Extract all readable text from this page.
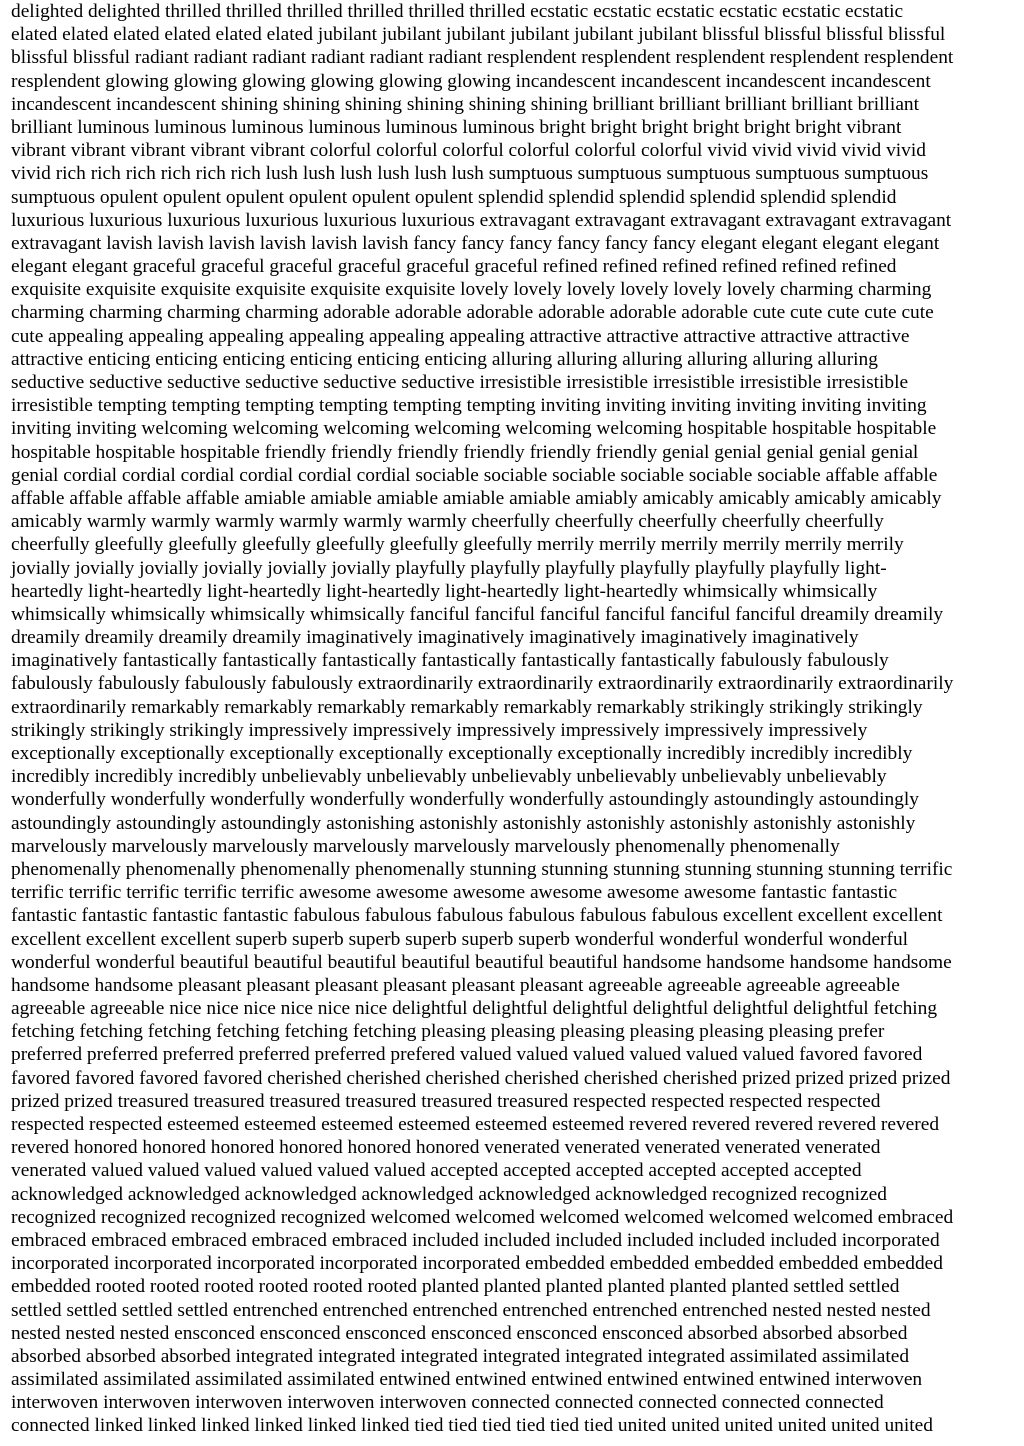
delighted delighted thrilled thrilled thrilled thrilled thrilled thrilled ecstatic ecstatic ecstatic ecstatic ecstatic ecstatic
elated elated elated elated elated elated jubilant jubilant jubilant jubilant jubilant jubilant blissful blissful blissful blissful
blissful blissful radiant radiant radiant radiant radiant radiant resplendent resplendent resplendent resplendent resplendent
resplendent glowing glowing glowing glowing glowing glowing incandescent incandescent incandescent incandescent
incandescent incandescent shining shining shining shining shining shining brilliant brilliant brilliant brilliant brilliant
brilliant luminous luminous luminous luminous luminous luminous bright bright bright bright bright bright vibrant
vibrant vibrant vibrant vibrant vibrant colorful colorful colorful colorful colorful colorful vivid vivid vivid vivid vivid
vivid rich rich rich rich rich rich lush lush lush lush lush lush sumptuous sumptuous sumptuous sumptuous sumptuous
sumptuous opulent opulent opulent opulent opulent opulent splendid splendid splendid splendid splendid splendid
luxurious luxurious luxurious luxurious luxurious luxurious extravagant extravagant extravagant extravagant extravagant
extravagant lavish lavish lavish lavish lavish lavish fancy fancy fancy fancy fancy fancy elegant elegant elegant elegant
elegant elegant graceful graceful graceful graceful graceful graceful refined refined refined refined refined refined
exquisite exquisite exquisite exquisite exquisite exquisite lovely lovely lovely lovely lovely lovely charming charming
charming charming charming charming adorable adorable adorable adorable adorable adorable cute cute cute cute cute
cute appealing appealing appealing appealing appealing appealing attractive attractive attractive attractive attractive
attractive enticing enticing enticing enticing enticing enticing alluring alluring alluring alluring alluring alluring
seductive seductive seductive seductive seductive seductive irresistible irresistible irresistible irresistible irresistible
irresistible tempting tempting tempting tempting tempting tempting inviting inviting inviting inviting inviting inviting
inviting inviting welcoming welcoming welcoming welcoming welcoming welcoming hospitable hospitable hospitable
hospitable hospitable hospitable friendly friendly friendly friendly friendly friendly genial genial genial genial genial
genial cordial cordial cordial cordial cordial cordial sociable sociable sociable sociable sociable sociable affable affable
affable affable affable affable amiable amiable amiable amiable amiable amiably amicably amicably amicably amicably
amicably warmly warmly warmly warmly warmly warmly cheerfully cheerfully cheerfully cheerfully cheerfully
cheerfully gleefully gleefully gleefully gleefully gleefully gleefully merrily merrily merrily merrily merrily merrily
jovially jovially jovially jovially jovially jovially playfully playfully playfully playfully playfully playfully light-
heartedly light-heartedly light-heartedly light-heartedly light-heartedly light-heartedly whimsically whimsically
whimsically whimsically whimsically whimsically fanciful fanciful fanciful fanciful fanciful fanciful dreamily dreamily
dreamily dreamily dreamily dreamily imaginatively imaginatively imaginatively imaginatively imaginatively
imaginatively fantastically fantastically fantastically fantastically fantastically fantastically fabulously fabulously
fabulously fabulously fabulously fabulously extraordinarily extraordinarily extraordinarily extraordinarily extraordinarily
extraordinarily remarkably remarkably remarkably remarkably remarkably remarkably strikingly strikingly strikingly
strikingly strikingly strikingly impressively impressively impressively impressively impressively impressively
exceptionally exceptionally exceptionally exceptionally exceptionally exceptionally incredibly incredibly incredibly
incredibly incredibly incredibly unbelievably unbelievably unbelievably unbelievably unbelievably unbelievably
wonderfully wonderfully wonderfully wonderfully wonderfully wonderfully astoundingly astoundingly astoundingly
astoundingly astoundingly astoundingly astonishing astonishly astonishly astonishly astonishly astonishly astonishly
marvelously marvelously marvelously marvelously marvelously marvelously phenomenally phenomenally
phenomenally phenomenally phenomenally phenomenally stunning stunning stunning stunning stunning stunning terrific
terrific terrific terrific terrific terrific awesome awesome awesome awesome awesome awesome fantastic fantastic
fantastic fantastic fantastic fantastic fabulous fabulous fabulous fabulous fabulous fabulous excellent excellent excellent
excellent excellent excellent superb superb superb superb superb superb wonderful wonderful wonderful wonderful
wonderful wonderful beautiful beautiful beautiful beautiful beautiful beautiful handsome handsome handsome handsome
handsome handsome pleasant pleasant pleasant pleasant pleasant pleasant agreeable agreeable agreeable agreeable
agreeable agreeable nice nice nice nice nice nice delightful delightful delightful delightful delightful delightful fetching
fetching fetching fetching fetching fetching fetching pleasing pleasing pleasing pleasing pleasing pleasing prefer
preferred preferred preferred preferred preferred prefered valued valued valued valued valued valued favored favored
favored favored favored favored cherished cherished cherished cherished cherished cherished prized prized prized prized
prized prized treasured treasured treasured treasured treasured treasured respected respected respected respected
respected respected esteemed esteemed esteemed esteemed esteemed esteemed revered revered revered revered revered
revered honored honored honored honored honored honored venerated venerated venerated venerated venerated
venerated valued valued valued valued valued valued accepted accepted accepted accepted accepted accepted
acknowledged acknowledged acknowledged acknowledged acknowledged acknowledged recognized recognized
recognized recognized recognized recognized welcomed welcomed welcomed welcomed welcomed welcomed embraced
embraced embraced embraced embraced embraced included included included included included included incorporated
incorporated incorporated incorporated incorporated incorporated embedded embedded embedded embedded embedded
embedded rooted rooted rooted rooted rooted rooted planted planted planted planted planted planted settled settled
settled settled settled settled entrenched entrenched entrenched entrenched entrenched entrenched nested nested nested
nested nested nested ensconced ensconced ensconced ensconced ensconced ensconced absorbed absorbed absorbed
absorbed absorbed absorbed integrated integrated integrated integrated integrated integrated assimilated assimilated
assimilated assimilated assimilated assimilated entwined entwined entwined entwined entwined entwined interwoven
interwoven interwoven interwoven interwoven interwoven connected connected connected connected connected
connected linked linked linked linked linked linked tied tied tied tied tied tied united united united united united united
